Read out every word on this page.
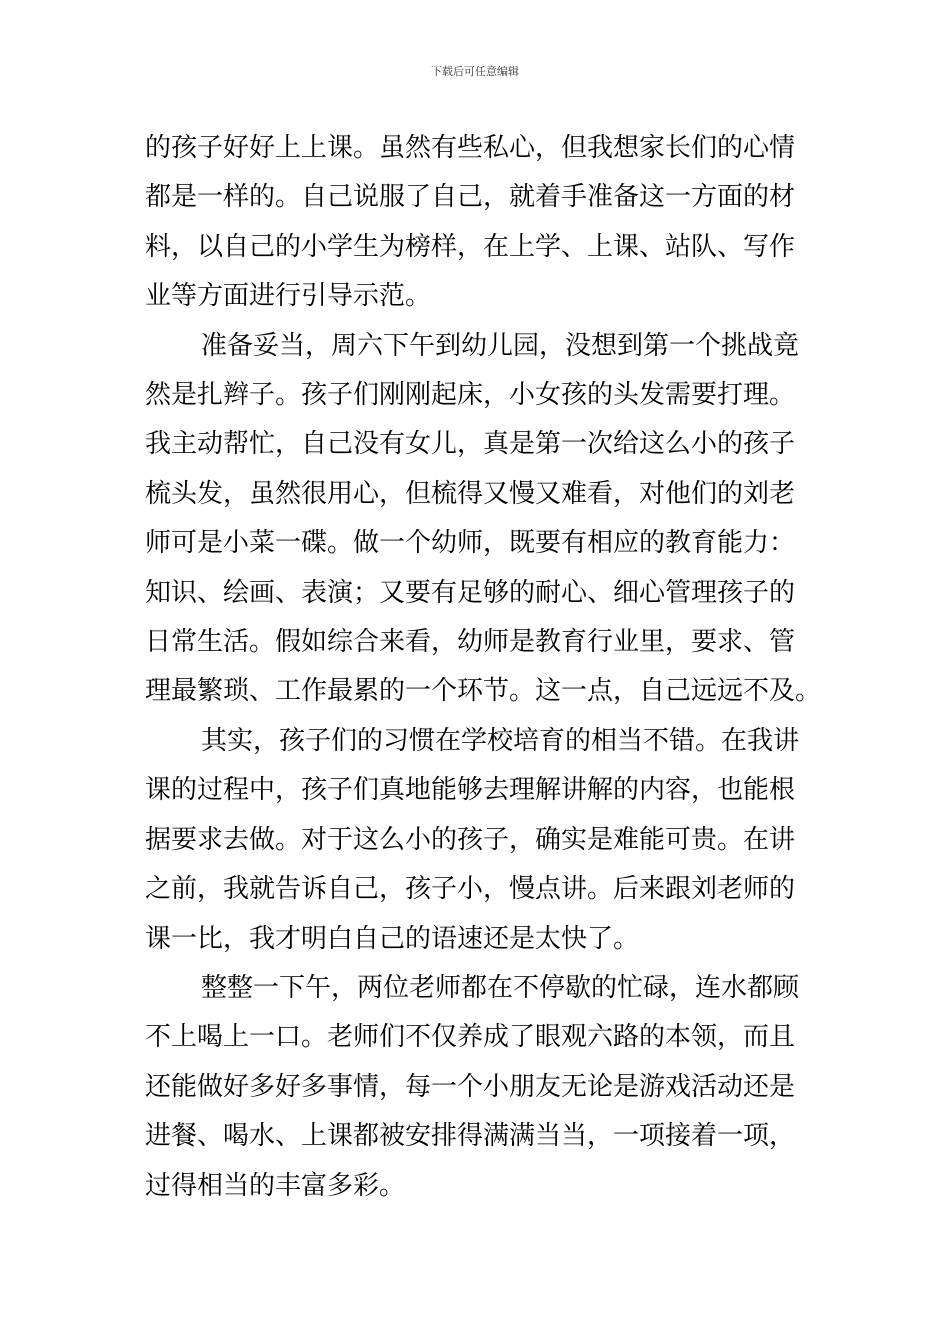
下载后可任意编辑

的孩子好好上上课。虽然有些私心，但我想家长们的心情
都是一样的。自己说服了自己，就着手准备这一方面的材
料，以自己的小学生为榜样，在上学、上课、站队、写作
业等方面进行引导示范。

准备妥当，周六下午到幼儿园，没想到第一个挑战竟
然是扎辫子。孩子们刚刚起床，小女孩的头发需要打理。
我主动帮忙，自己没有女儿，真是第一次给这么小的孩子
梳头发，虽然很用心，但梳得又慢又难看，对他们的刘老
师可是小菜一碟。做一个幼师，既要有相应的教育能力：
知识、绘画、表演；又要有足够的耐心、细心管理孩子的
日常生活。假如综合来看，幼师是教育行业里，要求、管
理最繁琐、工作最累的一个环节。这一点，自己远远不及。

其实，孩子们的习惯在学校培育的相当不错。在我讲
课的过程中，孩子们真地能够去理解讲解的内容，也能根
据要求去做。对于这么小的孩子，确实是难能可贵。在讲
之前，我就告诉自己，孩子小，慢点讲。后来跟刘老师的
课一比，我才明白自己的语速还是太快了。

整整一下午，两位老师都在不停歇的忙碌，连水都顾
不上喝上一口。老师们不仅养成了眼观六路的本领，而且
还能做好多好多事情，每一个小朋友无论是游戏活动还是
进餐、喝水、上课都被安排得满满当当，一项接着一项，
过得相当的丰富多彩。
